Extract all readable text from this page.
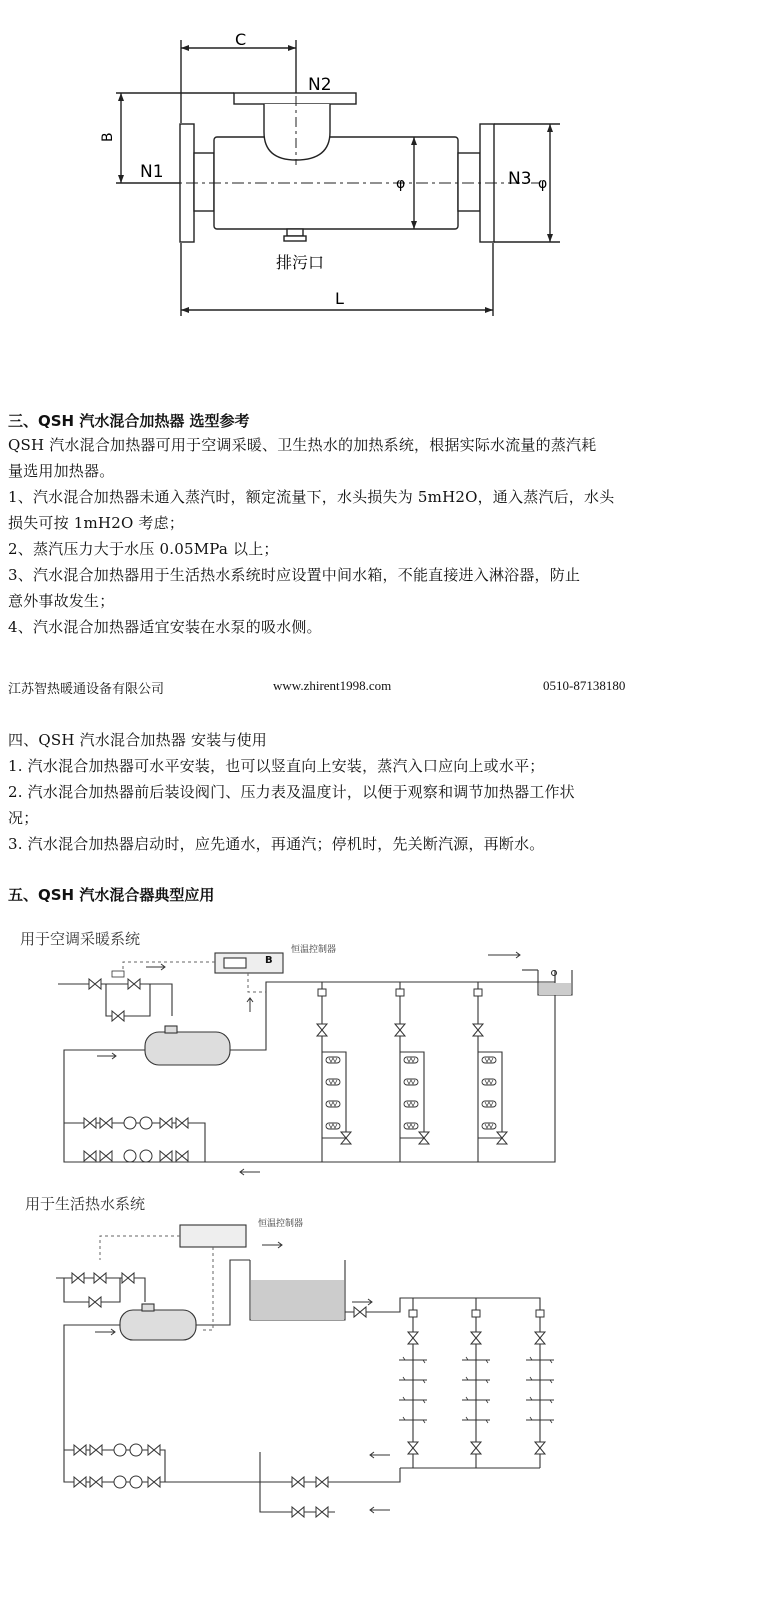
C
B
N1
N2
N3
L
φ	φ
排污口
三、QSH 汽水混合加热器 选型参考
QSH 汽水混合加热器可用于空调采暖、卫生热水的加热系统，根据实际水流量的蒸汽耗
量选用加热器。
1、汽水混合加热器未通入蒸汽时，额定流量下，水头损失为 5mH2O，通入蒸汽后，水头
损失可按 1mH2O 考虑；
2、蒸汽压力大于水压 0.05MPa 以上；
3、汽水混合加热器用于生活热水系统时应设置中间水箱，不能直接进入淋浴器，防止
意外事故发生；
4、汽水混合加热器适宜安装在水泵的吸水侧。
江苏智热暖通设备有限公司	www.zhirent1998.com	0510-87138180
四、QSH 汽水混合加热器 安装与使用
1. 汽水混合加热器可水平安装，也可以竖直向上安装，蒸汽入口应向上或水平；
2. 汽水混合加热器前后装设阀门、压力表及温度计，以便于观察和调节加热器工作状
况；
3. 汽水混合加热器启动时，应先通水，再通汽；停机时，先关断汽源，再断水。
五、QSH 汽水混合器典型应用
用于空调采暖系统
恒温控制器
B
用于生活热水系统
恒温控制器
